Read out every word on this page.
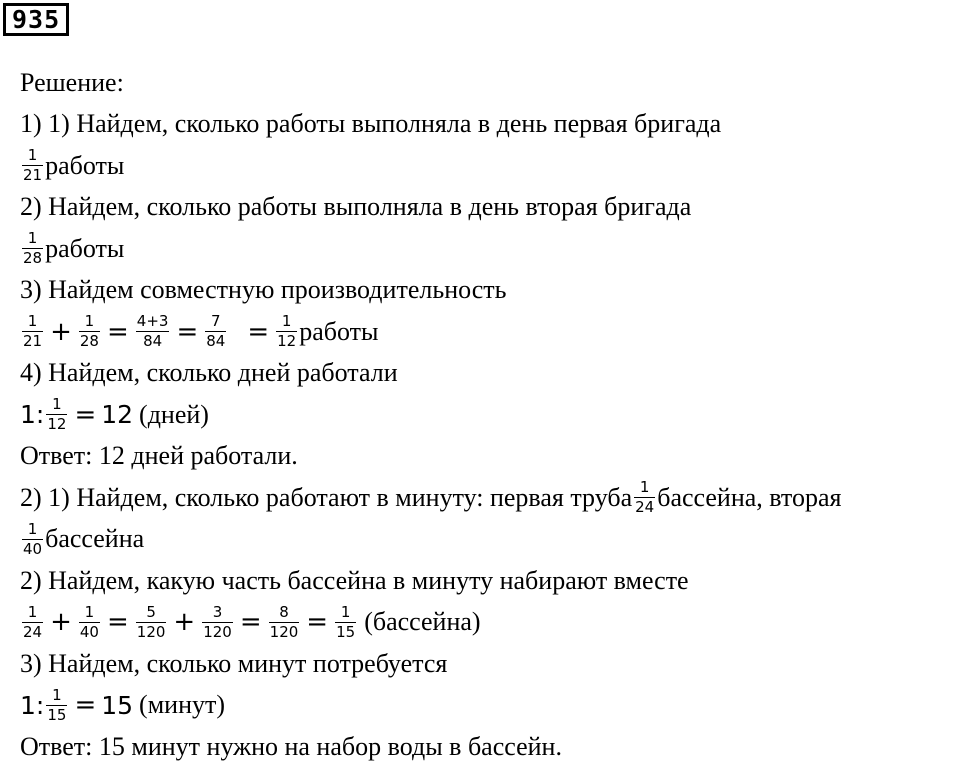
935
Решение:
1) 1) Найдем, сколько работы выполняла в день первая бригада
$\frac{1}{21}$ работы
2) Найдем, сколько работы выполняла в день вторая бригада
$\frac{1}{28}$ работы
3) Найдем совместную производительность
$\frac{1}{21} + \frac{1}{28} = \frac{4+3}{84} = \frac{7}{84} = \frac{1}{12}$ работы
4) Найдем, сколько дней работали
1: $\frac{1}{12} = 12$ (дней)
Ответ: 12 дней работали.
2) 1) Найдем, сколько работают в минуту: первая труба $\frac{1}{24}$ бассейна, вторая
$\frac{1}{40}$ бассейна
2) Найдем, какую часть бассейна в минуту набирают вместе
$\frac{1}{24} + \frac{1}{40} = \frac{5}{120} + \frac{3}{120} = \frac{8}{120} = \frac{1}{15}$ (бассейна)
3) Найдем, сколько минут потребуется
1: $\frac{1}{15} = 15$ (минут)
Ответ: 15 минут нужно на набор воды в бассейн.
